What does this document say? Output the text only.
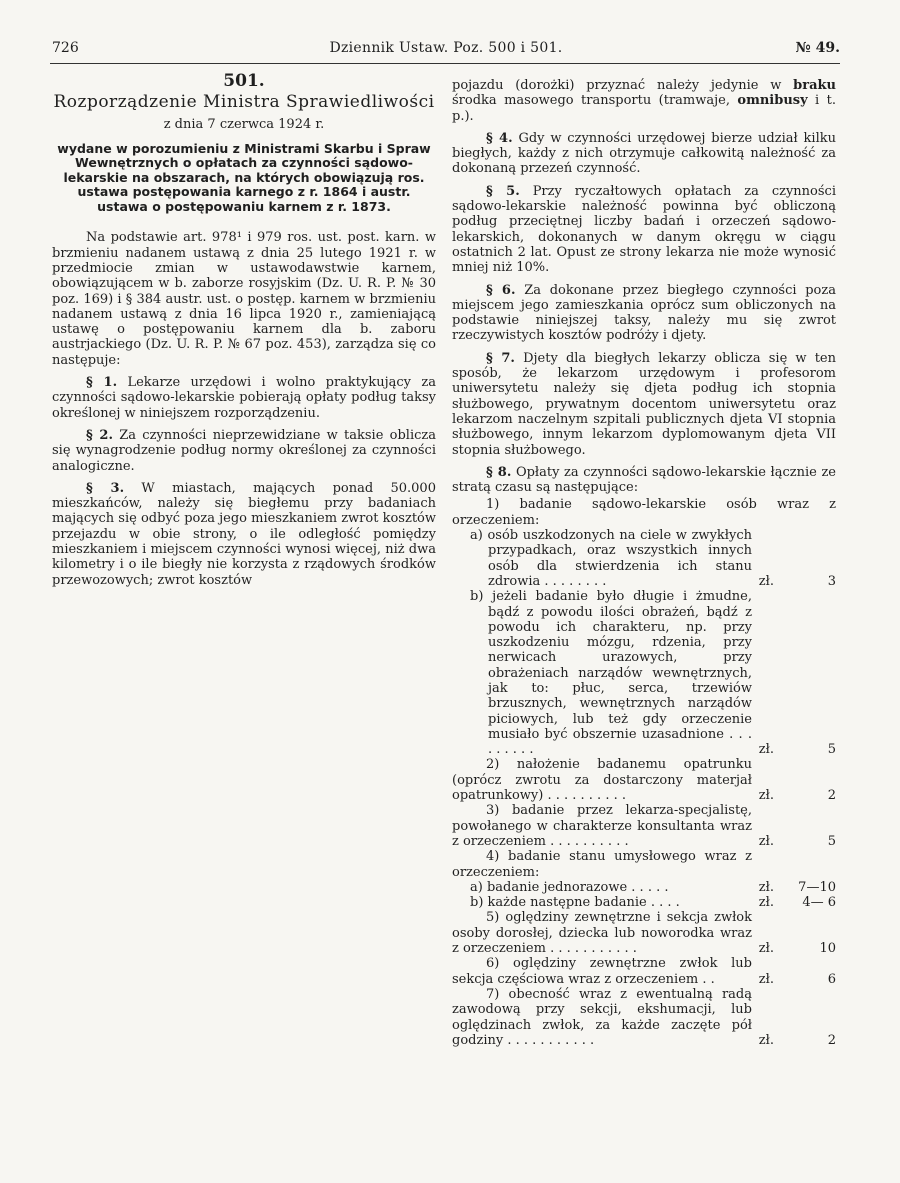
726	Dziennik Ustaw. Poz. 500 i 501.	№ 49.
501.
Rozporządzenie Ministra Sprawiedliwości
z dnia 7 czerwca 1924 r.
wydane w porozumieniu z Ministrami Skarbu i Spraw Wewnętrznych o opłatach za czynności sądowo-lekarskie na obszarach, na których obowiązują ros. ustawa postępowania karnego z r. 1864 i austr. ustawa o postępowaniu karnem z r. 1873.

Na podstawie art. 978¹ i 979 ros. ust. post. karn. w brzmieniu nadanem ustawą z dnia 25 lutego 1921 r. w przedmiocie zmian w ustawodawstwie karnem, obowiązującem w b. zaborze rosyjskim (Dz. U. R. P. № 30 poz. 169) i § 384 austr. ust. o postęp. karnem w brzmieniu nadanem ustawą z dnia 16 lipca 1920 r., zamieniającą ustawę o postępowaniu karnem dla b. zaboru austrjackiego (Dz. U. R. P. № 67 poz. 453), zarządza się co następuje:

§ 1. Lekarze urzędowi i wolno praktykujący za czynności sądowo-lekarskie pobierają opłaty podług taksy określonej w niniejszem rozporządzeniu.

§ 2. Za czynności nieprzewidziane w taksie oblicza się wynagrodzenie podług normy określonej za czynności analogiczne.

§ 3. W miastach, mających ponad 50.000 mieszkańców, należy się biegłemu przy badaniach mających się odbyć poza jego mieszkaniem zwrot kosztów przejazdu w obie strony, o ile odległość pomiędzy mieszkaniem i miejscem czynności wynosi więcej, niż dwa kilometry i o ile biegły nie korzysta z rządowych środków przewozowych; zwrot kosztów

pojazdu (dorożki) przyznać należy jedynie w braku środka masowego transportu (tramwaje, omnibusy i t. p.).

§ 4. Gdy w czynności urzędowej bierze udział kilku biegłych, każdy z nich otrzymuje całkowitą należność za dokonaną przezeń czynność.

§ 5. Przy ryczałtowych opłatach za czynności sądowo-lekarskie należność powinna być obliczoną podług przeciętnej liczby badań i orzeczeń sądowo-lekarskich, dokonanych w danym okręgu w ciągu ostatnich 2 lat. Opust ze strony lekarza nie może wynosić mniej niż 10%.

§ 6. Za dokonane przez biegłego czynności poza miejscem jego zamieszkania oprócz sum obliczonych na podstawie niniejszej taksy, należy mu się zwrot rzeczywistych kosztów podróży i djety.

§ 7. Djety dla biegłych lekarzy oblicza się w ten sposób, że lekarzom urzędowym i profesorom uniwersytetu należy się djeta podług ich stopnia służbowego, prywatnym docentom uniwersytetu oraz lekarzom naczelnym szpitali publicznych djeta VI stopnia służbowego, innym lekarzom dyplomowanym djeta VII stopnia służbowego.

§ 8. Opłaty za czynności sądowo-lekarskie łącznie ze stratą czasu są następujące:

1) badanie sądowo-lekarskie osób wraz z orzeczeniem:

a) osób uszkodzonych na ciele w zwykłych przypadkach, oraz wszystkich innych osób dla stwierdzenia ich stanu zdrowia . . . . . . . .	zł.	3
b) jeżeli badanie było długie i żmudne, bądź z powodu ilości obrażeń, bądź z powodu ich charakteru, np. przy uszkodzeniu mózgu, rdzenia, przy nerwicach urazowych, przy obrażeniach narządów wewnętrznych, jak to: płuc, serca, trzewiów brzusznych, wewnętrznych narządów piciowych, lub też gdy orzeczenie musiało być obszernie uzasadnione . . . . . . . . .	zł.	5
2) nałożenie badanemu opatrunku (oprócz zwrotu za dostarczony materjał opatrunkowy) . . . . . . . . . .	zł.	2
3) badanie przez lekarza-specjalistę, powołanego w charakterze konsultanta wraz z orzeczeniem . . . . . . . . . .	zł.	5

4) badanie stanu umysłowego wraz z orzeczeniem:

a) badanie jednorazowe . . . . .	zł. 7—10
b) każde następne badanie . . . .	zł. 4— 6
5) oględziny zewnętrzne i sekcja zwłok osoby dorosłej, dziecka lub noworodka wraz z orzeczeniem . . . . . . . . . . .	zł.	10
6) oględziny zewnętrzne zwłok lub sekcja częściowa wraz z orzeczeniem . .	zł.	6
7) obecność wraz z ewentualną radą zawodową przy sekcji, ekshumacji, lub oględzinach zwłok, za każde zaczęte pół godziny . . . . . . . . . . .	zł.	2
